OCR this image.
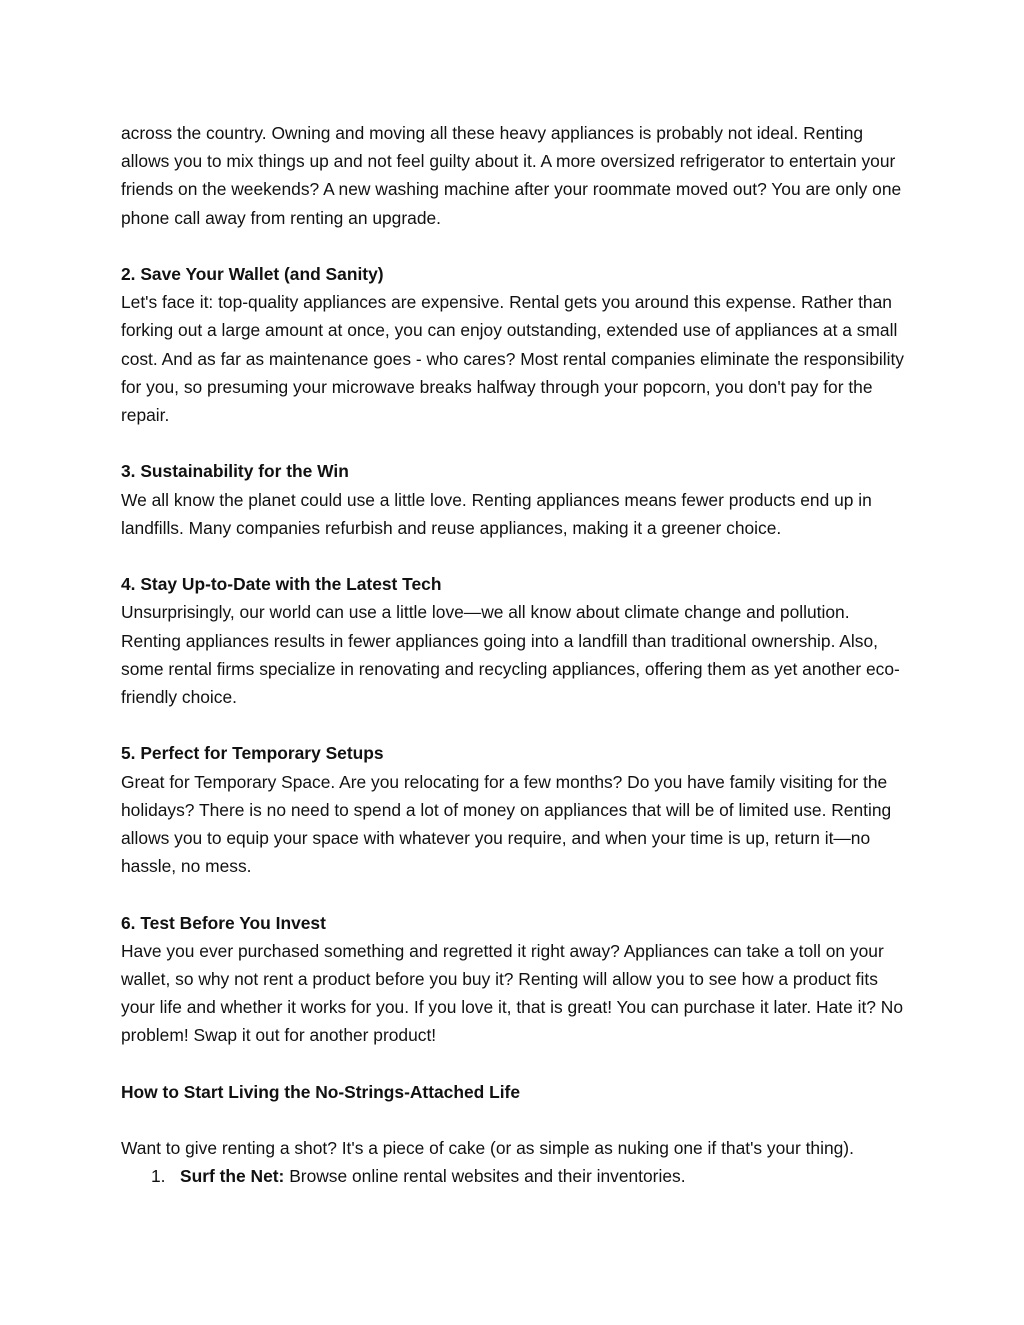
across the country. Owning and moving all these heavy appliances is probably not ideal. Renting allows you to mix things up and not feel guilty about it. A more oversized refrigerator to entertain your friends on the weekends? A new washing machine after your roommate moved out? You are only one phone call away from renting an upgrade.

2. Save Your Wallet (and Sanity)

Let's face it: top-quality appliances are expensive. Rental gets you around this expense. Rather than forking out a large amount at once, you can enjoy outstanding, extended use of appliances at a small cost. And as far as maintenance goes - who cares? Most rental companies eliminate the responsibility for you, so presuming your microwave breaks halfway through your popcorn, you don't pay for the repair.

3. Sustainability for the Win

We all know the planet could use a little love. Renting appliances means fewer products end up in landfills. Many companies refurbish and reuse appliances, making it a greener choice.

4. Stay Up-to-Date with the Latest Tech

Unsurprisingly, our world can use a little love—we all know about climate change and pollution. Renting appliances results in fewer appliances going into a landfill than traditional ownership. Also, some rental firms specialize in renovating and recycling appliances, offering them as yet another eco-friendly choice.

5. Perfect for Temporary Setups

Great for Temporary Space. Are you relocating for a few months? Do you have family visiting for the holidays? There is no need to spend a lot of money on appliances that will be of limited use. Renting allows you to equip your space with whatever you require, and when your time is up, return it—no hassle, no mess.

6. Test Before You Invest

Have you ever purchased something and regretted it right away? Appliances can take a toll on your wallet, so why not rent a product before you buy it? Renting will allow you to see how a product fits your life and whether it works for you. If you love it, that is great! You can purchase it later. Hate it? No problem! Swap it out for another product!

How to Start Living the No-Strings-Attached Life

Want to give renting a shot? It's a piece of cake (or as simple as nuking one if that's your thing).

1. Surf the Net: Browse online rental websites and their inventories.
